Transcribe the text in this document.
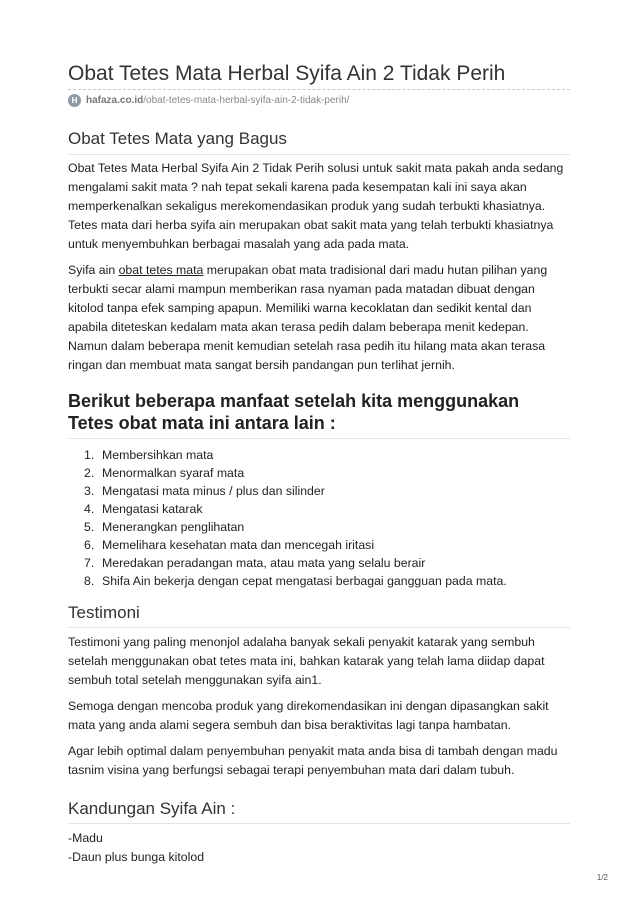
Obat Tetes Mata Herbal Syifa Ain 2 Tidak Perih
H hafaza.co.id /obat-tetes-mata-herbal-syifa-ain-2-tidak-perih/
Obat Tetes Mata yang Bagus

Obat Tetes Mata Herbal Syifa Ain 2 Tidak Perih solusi untuk sakit mata pakah anda sedang
mengalami sakit mata ? nah tepat sekali karena pada kesempatan kali ini saya akan
memperkenalkan sekaligus merekomendasikan produk yang sudah terbukti khasiatnya.
Tetes mata dari herba syifa ain merupakan obat sakit mata yang telah terbukti khasiatnya
untuk menyembuhkan berbagai masalah yang ada pada mata.

Syifa ain obat tetes mata merupakan obat mata tradisional dari madu hutan pilihan yang
terbukti secar alami mampun memberikan rasa nyaman pada matadan dibuat dengan
kitolod tanpa efek samping apapun. Memiliki warna kecoklatan dan sedikit kental dan
apabila diteteskan kedalam mata akan terasa pedih dalam beberapa menit kedepan.
Namun dalam beberapa menit kemudian setelah rasa pedih itu hilang mata akan terasa
ringan dan membuat mata sangat bersih pandangan pun terlihat jernih.

Berikut beberapa manfaat setelah kita menggunakan
Tetes obat mata ini antara lain :
1. Membersihkan mata
2. Menormalkan syaraf mata
3. Mengatasi mata minus / plus dan silinder
4. Mengatasi katarak
5. Menerangkan penglihatan
6. Memelihara kesehatan mata dan mencegah iritasi
7. Meredakan peradangan mata, atau mata yang selalu berair
8. Shifa Ain bekerja dengan cepat mengatasi berbagai gangguan pada mata.
Testimoni

Testimoni yang paling menonjol adalaha banyak sekali penyakit katarak yang sembuh
setelah menggunakan obat tetes mata ini, bahkan katarak yang telah lama diidap dapat
sembuh total setelah menggunakan syifa ain1.

Semoga dengan mencoba produk yang direkomendasikan ini dengan dipasangkan sakit
mata yang anda alami segera sembuh dan bisa beraktivitas lagi tanpa hambatan.

Agar lebih optimal dalam penyembuhan penyakit mata anda bisa di tambah dengan madu
tasnim visina yang berfungsi sebagai terapi penyembuhan mata dari dalam tubuh.

Kandungan Syifa Ain :

-Madu
-Daun plus bunga kitolod

1/2
